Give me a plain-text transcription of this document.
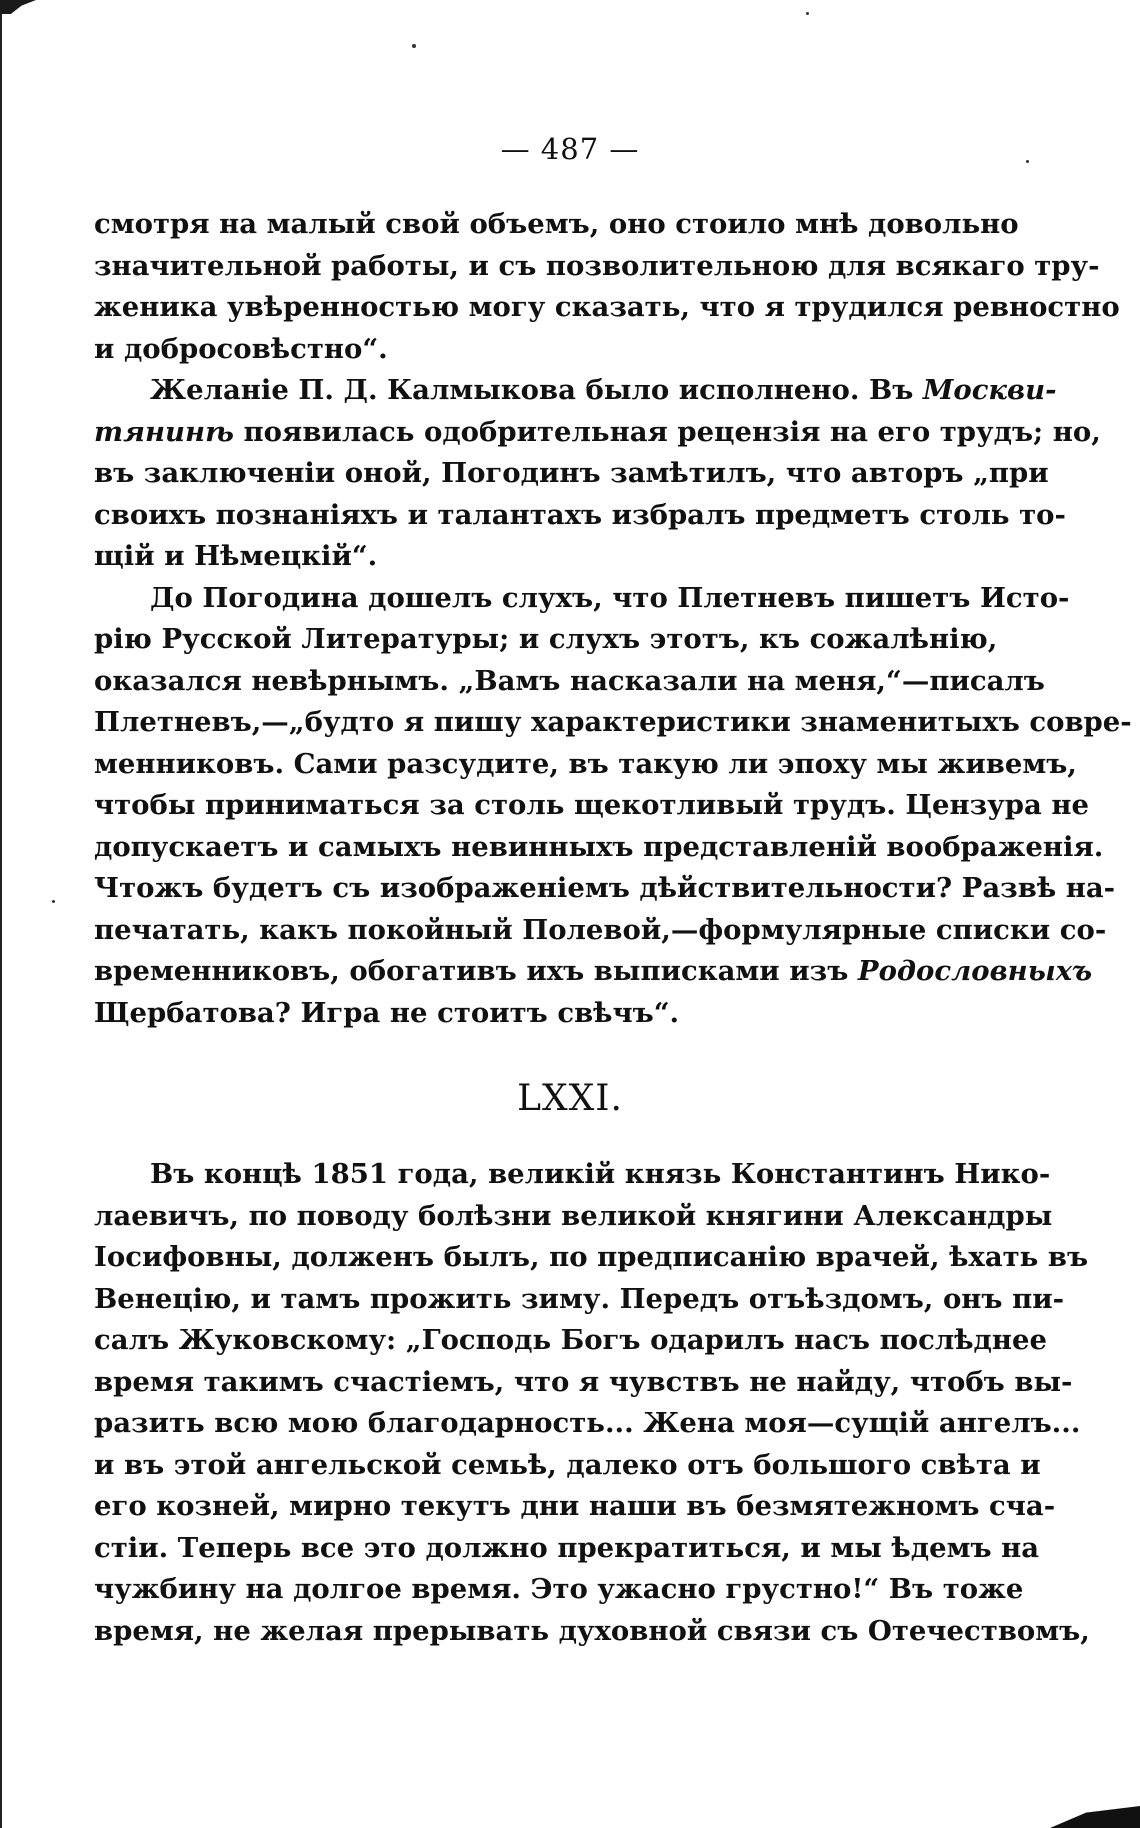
— 487 —
смотря на малый свой объемъ, оно стоило мнѣ довольно
значительной работы, и съ позволительною для всякаго тру-
женика увѣренностью могу сказать, что я трудился ревностно
и добросовѣстно“.
Желаніе П. Д. Калмыкова было исполнено. Въ Москви-
тянинѣ появилась одобрительная рецензія на его трудъ; но,
въ заключеніи оной, Погодинъ замѣтилъ, что авторъ „при
своихъ познаніяхъ и талантахъ избралъ предметъ столь то-
щій и Нѣмецкій“.
До Погодина дошелъ слухъ, что Плетневъ пишетъ Исто-
рію Русской Литературы; и слухъ этотъ, къ сожалѣнію,
оказался невѣрнымъ. „Вамъ насказали на меня,“—писалъ
Плетневъ,—„будто я пишу характеристики знаменитыхъ совре-
менниковъ. Сами разсудите, въ такую ли эпоху мы живемъ,
чтобы приниматься за столь щекотливый трудъ. Цензура не
допускаетъ и самыхъ невинныхъ представленій воображенія.
Чтожъ будетъ съ изображеніемъ дѣйствительности? Развѣ на-
печатать, какъ покойный Полевой,—формулярные списки со-
временниковъ, обогативъ ихъ выписками изъ Родословныхъ
Щербатова? Игра не стоитъ свѣчъ“.
LXXI.
Въ концѣ 1851 года, великій князь Константинъ Нико-
лаевичъ, по поводу болѣзни великой княгини Александры
Іосифовны, долженъ былъ, по предписанію врачей, ѣхать въ
Венецію, и тамъ прожить зиму. Передъ отъѣздомъ, онъ пи-
салъ Жуковскому: „Господь Богъ одарилъ насъ послѣднее
время такимъ счастіемъ, что я чувствъ не найду, чтобъ вы-
разить всю мою благодарность... Жена моя—сущій ангелъ...
и въ этой ангельской семьѣ, далеко отъ большого свѣта и
его козней, мирно текутъ дни наши въ безмятежномъ сча-
стіи. Теперь все это должно прекратиться, и мы ѣдемъ на
чужбину на долгое время. Это ужасно грустно!“ Въ тоже
время, не желая прерывать духовной связи съ Отечествомъ,
